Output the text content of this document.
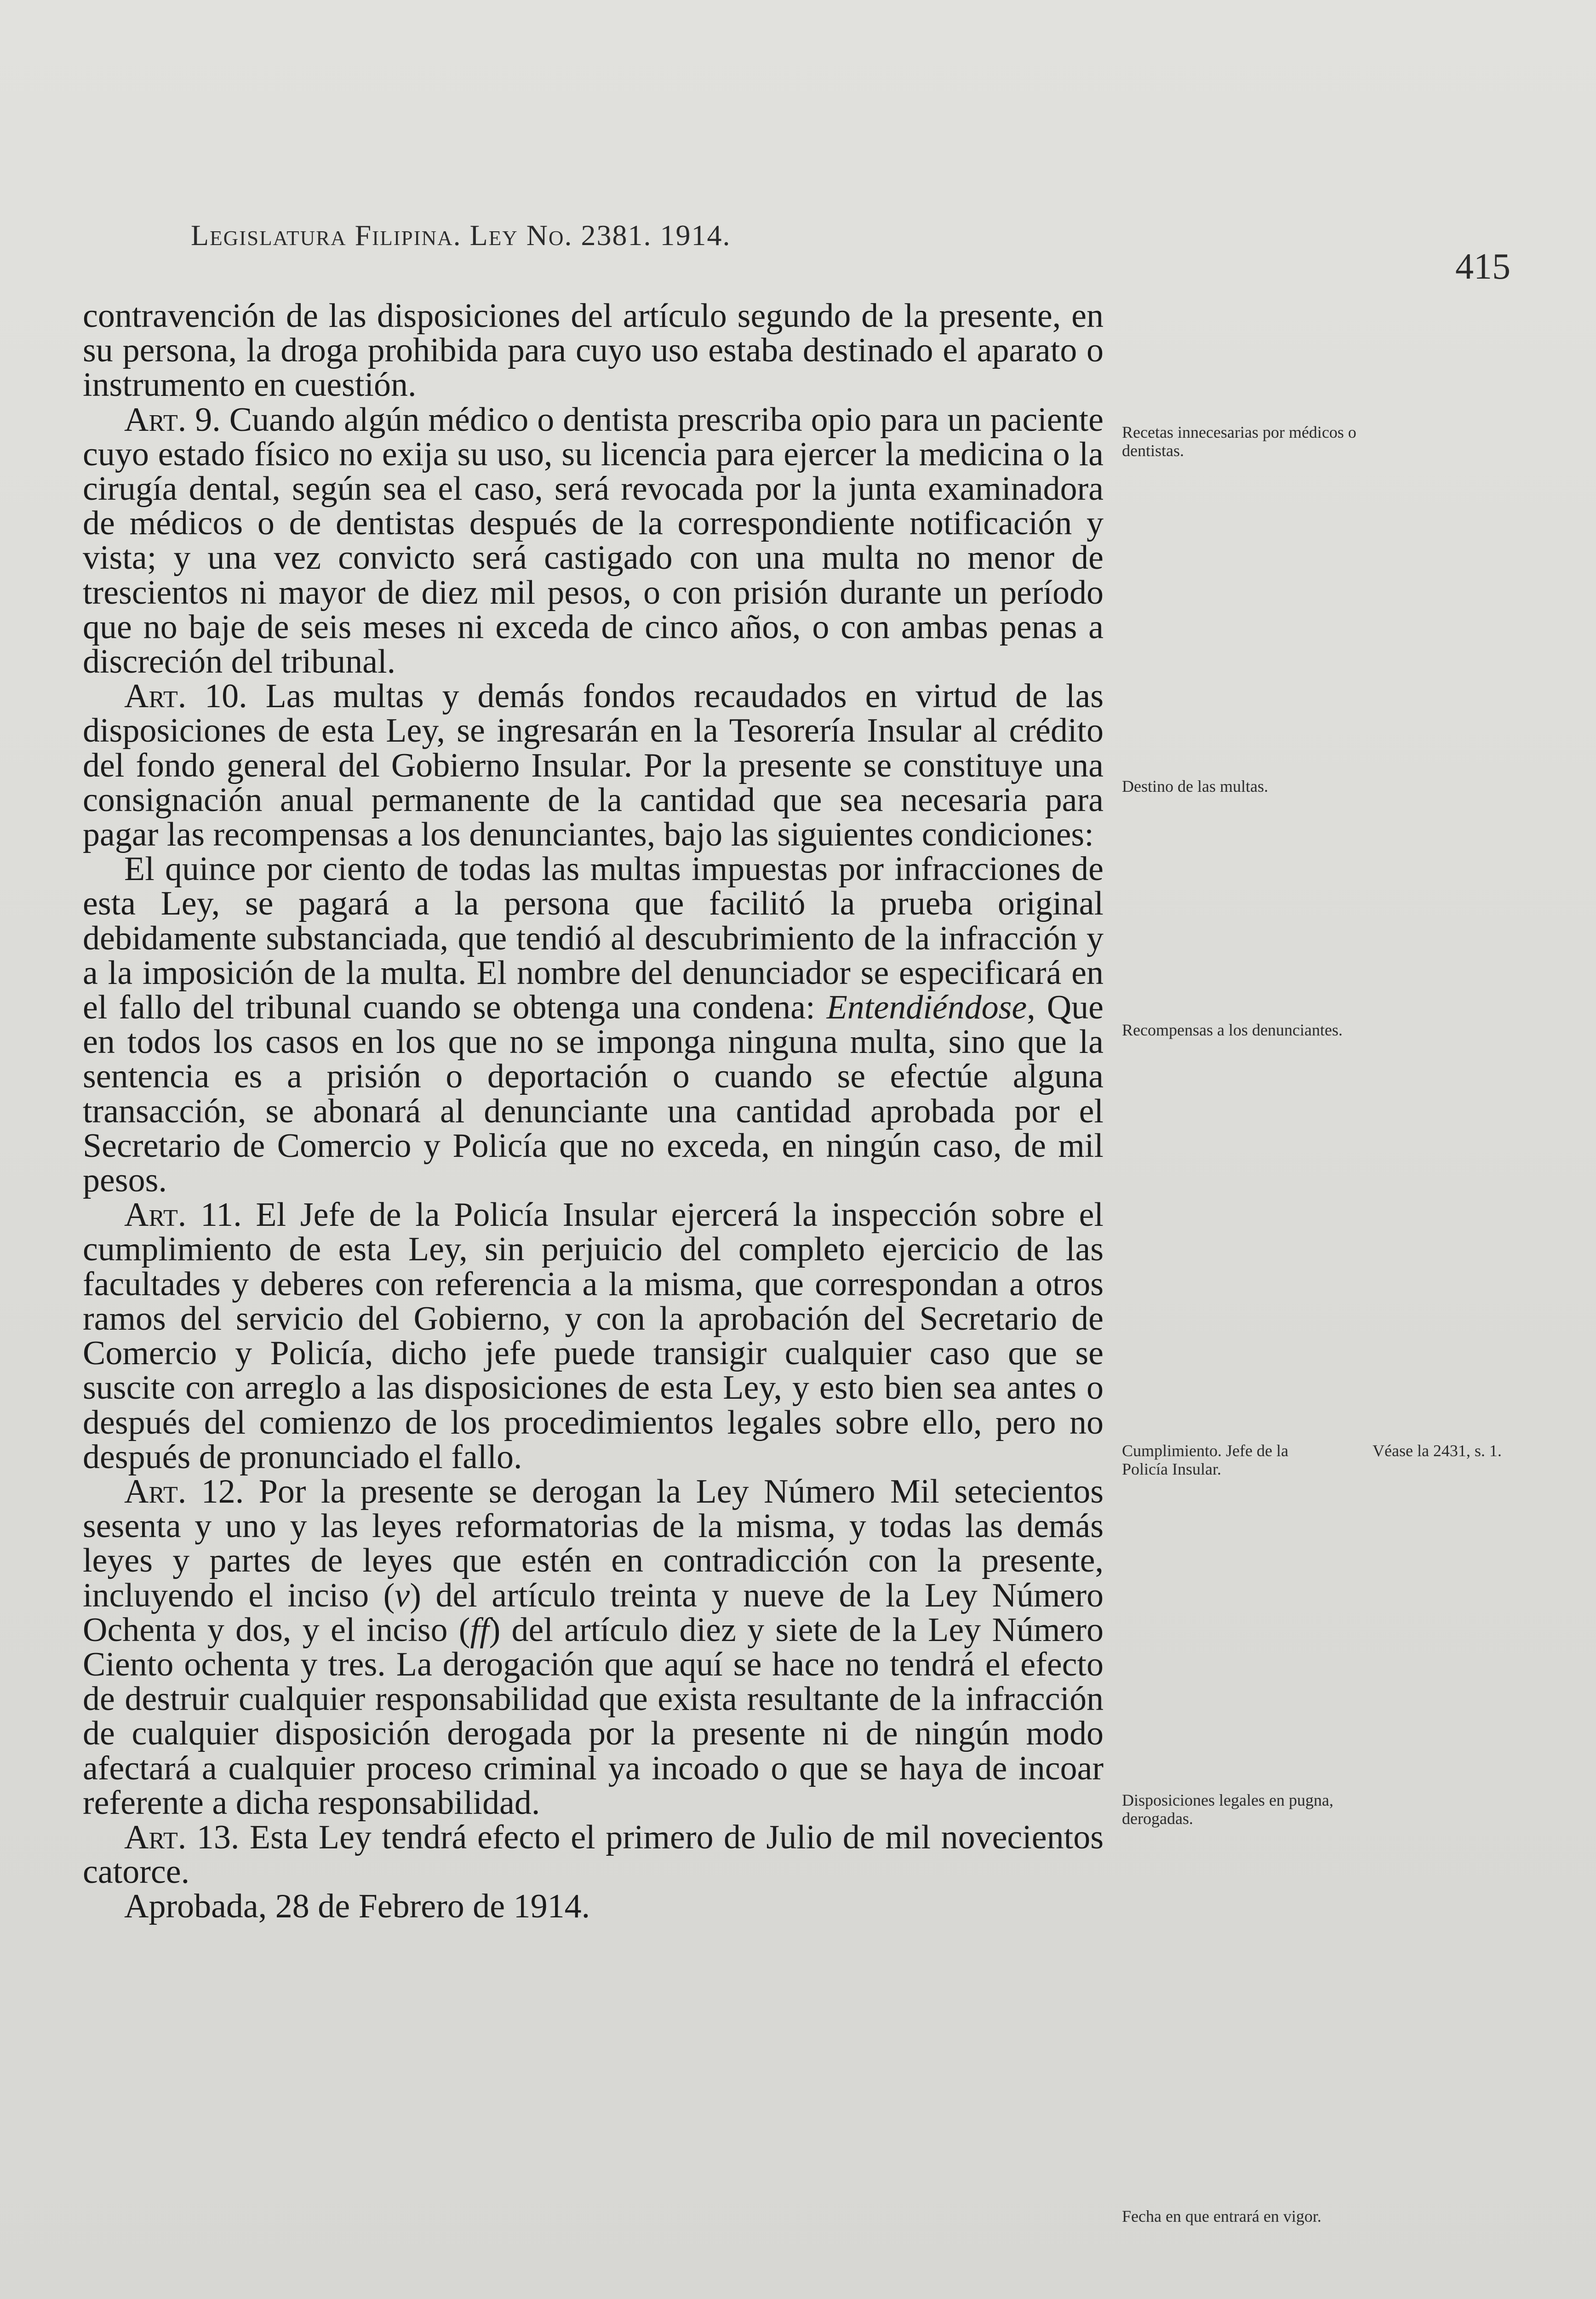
Legislatura Filipina. Ley No. 2381. 1914.
415

contravención de las disposiciones del artículo segundo de la presente, en su persona, la droga prohibida para cuyo uso estaba destinado el aparato o instrumento en cuestión.

Art. 9. Cuando algún médico o dentista prescriba opio para un paciente cuyo estado físico no exija su uso, su licencia para ejercer la medicina o la cirugía dental, según sea el caso, será revocada por la junta examinadora de médicos o de dentistas después de la correspondiente notificación y vista; y una vez convicto será castigado con una multa no menor de trescientos ni mayor de diez mil pesos, o con prisión durante un período que no baje de seis meses ni exceda de cinco años, o con ambas penas a discreción del tribunal.

Art. 10. Las multas y demás fondos recaudados en virtud de las disposiciones de esta Ley, se ingresarán en la Tesorería Insular al crédito del fondo general del Gobierno Insular. Por la presente se constituye una consignación anual permanente de la cantidad que sea necesaria para pagar las recompensas a los denunciantes, bajo las siguientes condiciones:

El quince por ciento de todas las multas impuestas por infracciones de esta Ley, se pagará a la persona que facilitó la prueba original debidamente substanciada, que tendió al descubrimiento de la infracción y a la imposición de la multa. El nombre del denunciador se especificará en el fallo del tribunal cuando se obtenga una condena: Entendiéndose, Que en todos los casos en los que no se imponga ninguna multa, sino que la sentencia es a prisión o deportación o cuando se efectúe alguna transacción, se abonará al denunciante una cantidad aprobada por el Secretario de Comercio y Policía que no exceda, en ningún caso, de mil pesos.

Art. 11. El Jefe de la Policía Insular ejercerá la inspección sobre el cumplimiento de esta Ley, sin perjuicio del completo ejercicio de las facultades y deberes con referencia a la misma, que correspondan a otros ramos del servicio del Gobierno, y con la aprobación del Secretario de Comercio y Policía, dicho jefe puede transigir cualquier caso que se suscite con arreglo a las disposiciones de esta Ley, y esto bien sea antes o después del comienzo de los procedimientos legales sobre ello, pero no después de pronunciado el fallo.

Art. 12. Por la presente se derogan la Ley Número Mil setecientos sesenta y uno y las leyes reformatorias de la misma, y todas las demás leyes y partes de leyes que estén en contradicción con la presente, incluyendo el inciso (v) del artículo treinta y nueve de la Ley Número Ochenta y dos, y el inciso (ff) del artículo diez y siete de la Ley Número Ciento ochenta y tres. La derogación que aquí se hace no tendrá el efecto de destruir cualquier responsabilidad que exista resultante de la infracción de cualquier disposición derogada por la presente ni de ningún modo afectará a cualquier proceso criminal ya incoado o que se haya de incoar referente a dicha responsabilidad.

Art. 13. Esta Ley tendrá efecto el primero de Julio de mil novecientos catorce.

Aprobada, 28 de Febrero de 1914.

Recetas innecesarias por médicos o dentistas.
Destino de las multas.
Recompensas a los denunciantes.
Cumplimiento. Jefe de la Policía Insular.
Véase la 2431, s. 1.
Disposiciones legales en pugna, derogadas.
Fecha en que entrará en vigor.
